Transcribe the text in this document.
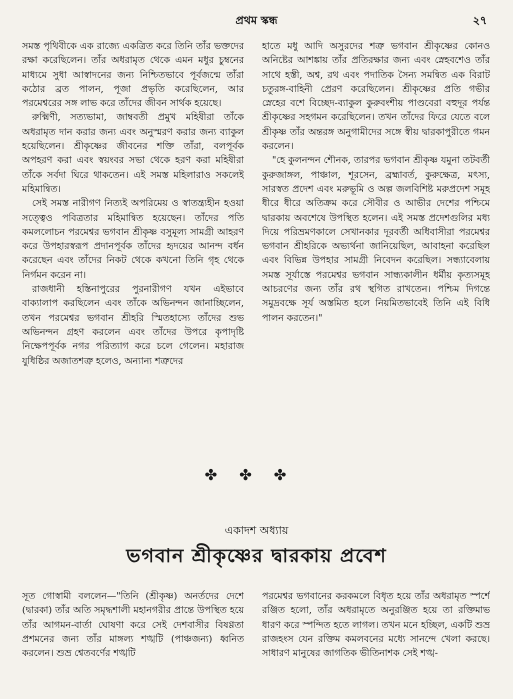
প্রথম স্কন্ধ	২৭

সমস্ত পৃথিবীকে এক রাজ্যে একত্রিত করে তিনি তাঁর ভক্তদের রক্ষা করেছিলেন। তাঁর অধরামৃত থেকে এমন মধুর চুম্বনের মাধ্যমে সুধা আস্বাদনের জন্য নিশ্চিতভাবে পূর্বজন্মে তাঁরা কঠোর ব্রত পালন, পূজা প্রভৃতি করেছিলেন, আর পরমেশ্বরের সঙ্গ লাভ করে তাঁদের জীবন সার্থক হয়েছে।

রুক্মিণী, সত্যভামা, জাম্ববতী প্রমুখ মহিষীরা তাঁকে অধরামৃত দান করার জন্য এবং অনুস্মরণ করার জন্য ব্যাকুল হয়েছিলেন। শ্রীকৃষ্ণের জীবনের শক্তি তাঁরা, বলপূর্বক অপহরণ করা এবং স্বয়ংবর সভা থেকে হরণ করা মহিষীরা তাঁকে সর্বদা ঘিরে থাকতেন। এই সমস্ত মহিলারাও সকলেই মহিমান্বিত।

সেই সমস্ত নারীগণ নিত্যই অপরিমেয় ও স্বাতন্ত্র্যহীন হওয়া সত্ত্বেও পবিত্রতার মহিমান্বিত হয়েছেন। তাঁদের পতি কমললোচন পরমেশ্বর ভগবান শ্রীকৃষ্ণ বসুমূল্য সামগ্রী আহরণ করে উপহারস্বরূপ প্রদানপূর্বক তাঁদের হৃদয়ের আনন্দ বর্ধন করেছেন এবং তাঁদের নিকট থেকে কখনো তিনি গৃহ থেকে নির্গমন করেন না।

রাজধানী হস্তিনাপুরের পুরনারীগণ যখন এইভাবে বাক্যালাপ করছিলেন এবং তাঁকে অভিনন্দন জানাচ্ছিলেন, তখন পরমেশ্বর ভগবান শ্রীহরি স্মিতহাস্যে তাঁদের শুভ অভিনন্দন গ্রহণ করলেন এবং তাঁদের উপরে কৃপাদৃষ্টি নিক্ষেপপূর্বক নগর পরিত্যাগ করে চলে গেলেন। মহারাজ যুধিষ্ঠির অজাতশত্রু হলেও, অন্যান্য শত্রুদের

হাতে মধু আদি অসুরদের শত্রু ভগবান শ্রীকৃষ্ণের কোনও অনিষ্টের আশঙ্কায় তাঁর প্রতিরক্ষার জন্য এবং স্নেহবশেও তাঁর সাথে হস্তী, অশ্ব, রথ এবং পদাতিক সৈন্য সমন্বিত এক বিরাট চতুরঙ্গ-বাহিনী প্রেরণ করেছিলেন। শ্রীকৃষ্ণের প্রতি গভীর স্নেহের বশে বিচ্ছেদ-ব্যাকুল কুরুবংশীয় পাণ্ডবেরা বহুদূর পর্যন্ত শ্রীকৃষ্ণের সহগমন করেছিলেন। তখন তাঁদের ফিরে যেতে বলে শ্রীকৃষ্ণ তাঁর অন্তরঙ্গ অনুগামীদের সঙ্গে স্বীয় দ্বারকাপুরীতে গমন করলেন।

"হে কুলনন্দন শৌনক, তারপর ভগবান শ্রীকৃষ্ণ যমুনা তটবর্তী কুরুজাঙ্গল, পাঞ্চাল, শূরসেন, ব্রহ্মাবর্ত, কুরুক্ষেত্র, মৎস্য, সারস্বত প্রদেশ এবং মরুভূমি ও অল্প জলবিশিষ্ট মরুপ্রদেশ সমূহ ধীরে ধীরে অতিক্রম করে সৌবীর ও আভীর দেশের পশ্চিমে দ্বারকায় অবশেষে উপস্থিত হলেন। এই সমস্ত প্রদেশগুলির মধ্য দিয়ে পরিভ্রমণকালে সেখানকার দূরবর্তী অধিবাসীরা পরমেশ্বর ভগবান শ্রীহরিকে অভ্যর্থনা জানিয়েছিল, আবাহনা করেছিল এবং বিভিন্ন উপহার সামগ্রী নিবেদন করেছিল। সন্ধ্যাবেলায় সমস্ত সূর্যাস্তে পরমেশ্বর ভগবান সান্ধ্যকালীন ধর্মীয় কৃত্যসমূহ আচরণের জন্য তাঁর রথ স্থগিত রাখতেন। পশ্চিম দিগন্তে সমুদ্রবক্ষে সূর্য অস্তমিত হলে নিয়মিতভাবেই তিনি এই বিধি পালন করতেন।"

✤✤✤
একাদশ অধ্যায়
ভগবান শ্রীকৃষ্ণের দ্বারকায় প্রবেশ

সূত গোস্বামী বললেন—"তিনি (শ্রীকৃষ্ণ) অনর্তদের দেশে (দ্বারকা) তাঁর অতি সমৃদ্ধশালী মহানগরীর প্রান্তে উপস্থিত হয়ে তাঁর আগমন-বার্তা ঘোষণা করে সেই দেশবাসীর বিষণ্ণতা প্রশমনের জন্য তাঁর মাঙ্গল্য শঙ্খটি (পাঞ্চজন্য) ধ্বনিত করলেন। শুভ্র শ্বেতবর্ণের শঙ্খটি

পরমেশ্বর ভগবানের করকমলে বিধৃত হয়ে তাঁর অধরামৃত স্পর্শে রঞ্জিত হলো, তাঁর অধরামৃতে অনুরঞ্জিত হয়ে তা রক্তিমাভ ধারণ করে স্পন্দিত হতে লাগল। তখন মনে হচ্ছিল, একটি শুভ্র রাজহংস যেন রক্তিম কমলবনের মধ্যে সানন্দে খেলা করছে। সাধারণ মানুষের জাগতিক ভীতিনাশক সেই শঙ্খ-
